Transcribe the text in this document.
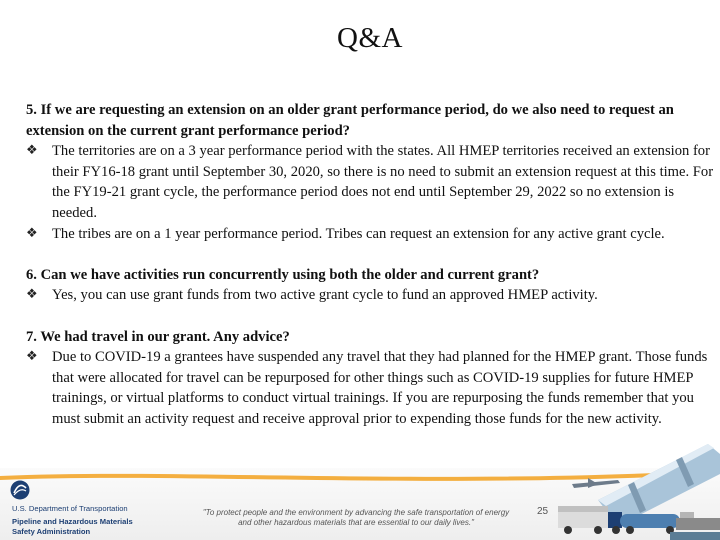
Q&A

5. If we are requesting an extension on an older grant performance period, do we also need to request an extension on the current grant performance period?

❖ The territories are on a 3 year performance period with the states. All HMEP territories received an extension for their FY16-18 grant until September 30, 2020, so there is no need to submit an extension request at this time. For the FY19-21 grant cycle, the performance period does not end until September 29, 2022 so no extension is needed.
❖ The tribes are on a 1 year performance period. Tribes can request an extension for any active grant cycle.

6. Can we have activities run concurrently using both the older and current grant?

❖ Yes, you can use grant funds from two active grant cycle to fund an approved HMEP activity.

7. We had travel in our grant. Any advice?

❖ Due to COVID-19 a grantees have suspended any travel that they had planned for the HMEP grant. Those funds that were allocated for travel can be repurposed for other things such as COVID-19 supplies for future HMEP trainings, or virtual platforms to conduct virtual trainings. If you are repurposing the funds remember that you must submit an activity request and receive approval prior to expending those funds for the new activity.
U.S. Department of Transportation
Pipeline and Hazardous Materials
Safety Administration
"To protect people and the environment by advancing the safe transportation of energy
and other hazardous materials that are essential to our daily lives."
25
